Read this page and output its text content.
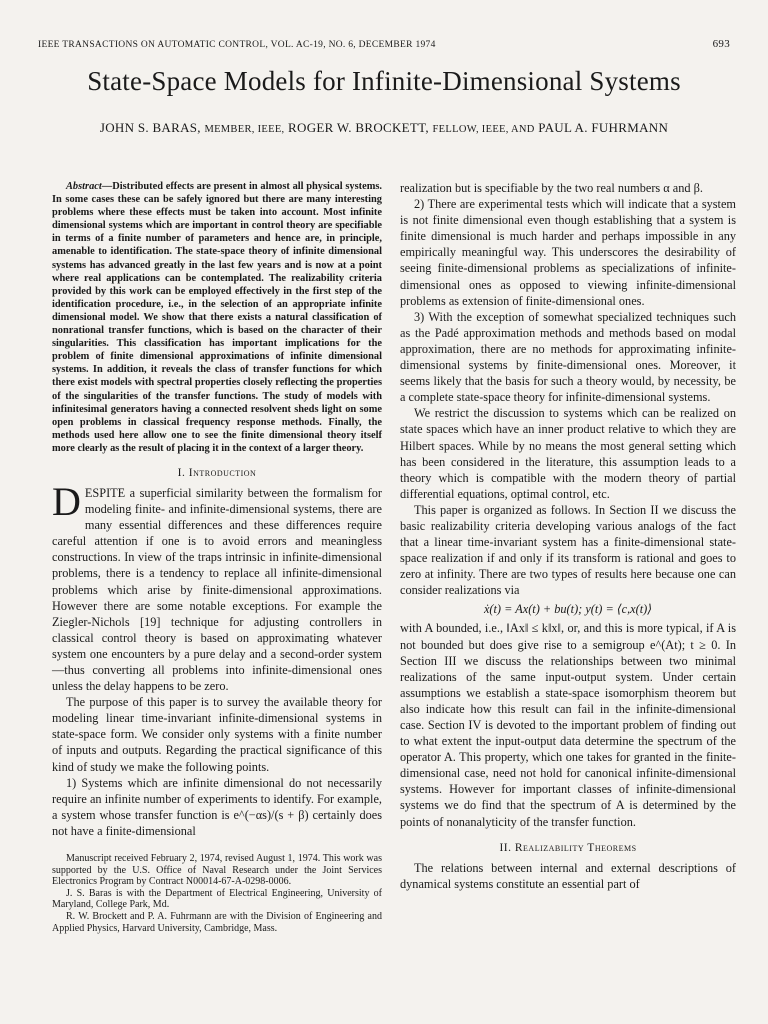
IEEE TRANSACTIONS ON AUTOMATIC CONTROL, VOL. AC-19, NO. 6, DECEMBER 1974	693
State-Space Models for Infinite-Dimensional Systems
JOHN S. BARAS, MEMBER, IEEE, ROGER W. BROCKETT, FELLOW, IEEE, AND PAUL A. FUHRMANN

Abstract—Distributed effects are present in almost all physical systems. In some cases these can be safely ignored but there are many interesting problems where these effects must be taken into account. Most infinite dimensional systems which are important in control theory are specifiable in terms of a finite number of parameters and hence are, in principle, amenable to identification. The state-space theory of infinite dimensional systems has advanced greatly in the last few years and is now at a point where real applications can be contemplated. The realizability criteria provided by this work can be employed effectively in the first step of the identification procedure, i.e., in the selection of an appropriate infinite dimensional model. We show that there exists a natural classification of nonrational transfer functions, which is based on the character of their singularities. This classification has important implications for the problem of finite dimensional approximations of infinite dimensional systems. In addition, it reveals the class of transfer functions for which there exist models with spectral properties closely reflecting the properties of the singularities of the transfer functions. The study of models with infinitesimal generators having a connected resolvent sheds light on some open problems in classical frequency response methods. Finally, the methods used here allow one to see the finite dimensional theory itself more clearly as the result of placing it in the context of a larger theory.

I. Introduction

DESPITE a superficial similarity between the formalism for modeling finite- and infinite-dimensional systems, there are many essential differences and these differences require careful attention if one is to avoid errors and meaningless constructions. In view of the traps intrinsic in infinite-dimensional problems, there is a tendency to replace all infinite-dimensional problems which arise by finite-dimensional approximations. However there are some notable exceptions. For example the Ziegler-Nichols [19] technique for adjusting controllers in classical control theory is based on approximating whatever system one encounters by a pure delay and a second-order system—thus converting all problems into infinite-dimensional ones unless the delay happens to be zero.

The purpose of this paper is to survey the available theory for modeling linear time-invariant infinite-dimensional systems in state-space form. We consider only systems with a finite number of inputs and outputs. Regarding the practical significance of this kind of study we make the following points.

1) Systems which are infinite dimensional do not necessarily require an infinite number of experiments to identify. For example, a system whose transfer function is e^(−αs)/(s + β) certainly does not have a finite-dimensional

Manuscript received February 2, 1974, revised August 1, 1974. This work was supported by the U.S. Office of Naval Research under the Joint Services Electronics Program by Contract N00014-67-A-0298-0006.

J. S. Baras is with the Department of Electrical Engineering, University of Maryland, College Park, Md.

R. W. Brockett and P. A. Fuhrmann are with the Division of Engineering and Applied Physics, Harvard University, Cambridge, Mass.

realization but is specifiable by the two real numbers α and β.

2) There are experimental tests which will indicate that a system is not finite dimensional even though establishing that a system is finite dimensional is much harder and perhaps impossible in any empirically meaningful way. This underscores the desirability of seeing finite-dimensional problems as specializations of infinite-dimensional ones as opposed to viewing infinite-dimensional problems as extension of finite-dimensional ones.

3) With the exception of somewhat specialized techniques such as the Padé approximation methods and methods based on modal approximation, there are no methods for approximating infinite-dimensional systems by finite-dimensional ones. Moreover, it seems likely that the basis for such a theory would, by necessity, be a complete state-space theory for infinite-dimensional systems.

We restrict the discussion to systems which can be realized on state spaces which have an inner product relative to which they are Hilbert spaces. While by no means the most general setting which has been considered in the literature, this assumption leads to a theory which is compatible with the modern theory of partial differential equations, optimal control, etc.

This paper is organized as follows. In Section II we discuss the basic realizability criteria developing various analogs of the fact that a linear time-invariant system has a finite-dimensional state-space realization if and only if its transform is rational and goes to zero at infinity. There are two types of results here because one can consider realizations via

ẋ(t) = Ax(t) + bu(t); y(t) = ⟨c,x(t)⟩

with A bounded, i.e., ‖Ax‖ ≤ k‖x‖, or, and this is more typical, if A is not bounded but does give rise to a semigroup e^(At); t ≥ 0. In Section III we discuss the relationships between two minimal realizations of the same input-output system. Under certain assumptions we establish a state-space isomorphism theorem but also indicate how this result can fail in the infinite-dimensional case. Section IV is devoted to the important problem of finding out to what extent the input-output data determine the spectrum of the operator A. This property, which one takes for granted in the finite-dimensional case, need not hold for canonical infinite-dimensional systems. However for important classes of infinite-dimensional systems we do find that the spectrum of A is determined by the points of nonanalyticity of the transfer function.

II. Realizability Theorems

The relations between internal and external descriptions of dynamical systems constitute an essential part of
